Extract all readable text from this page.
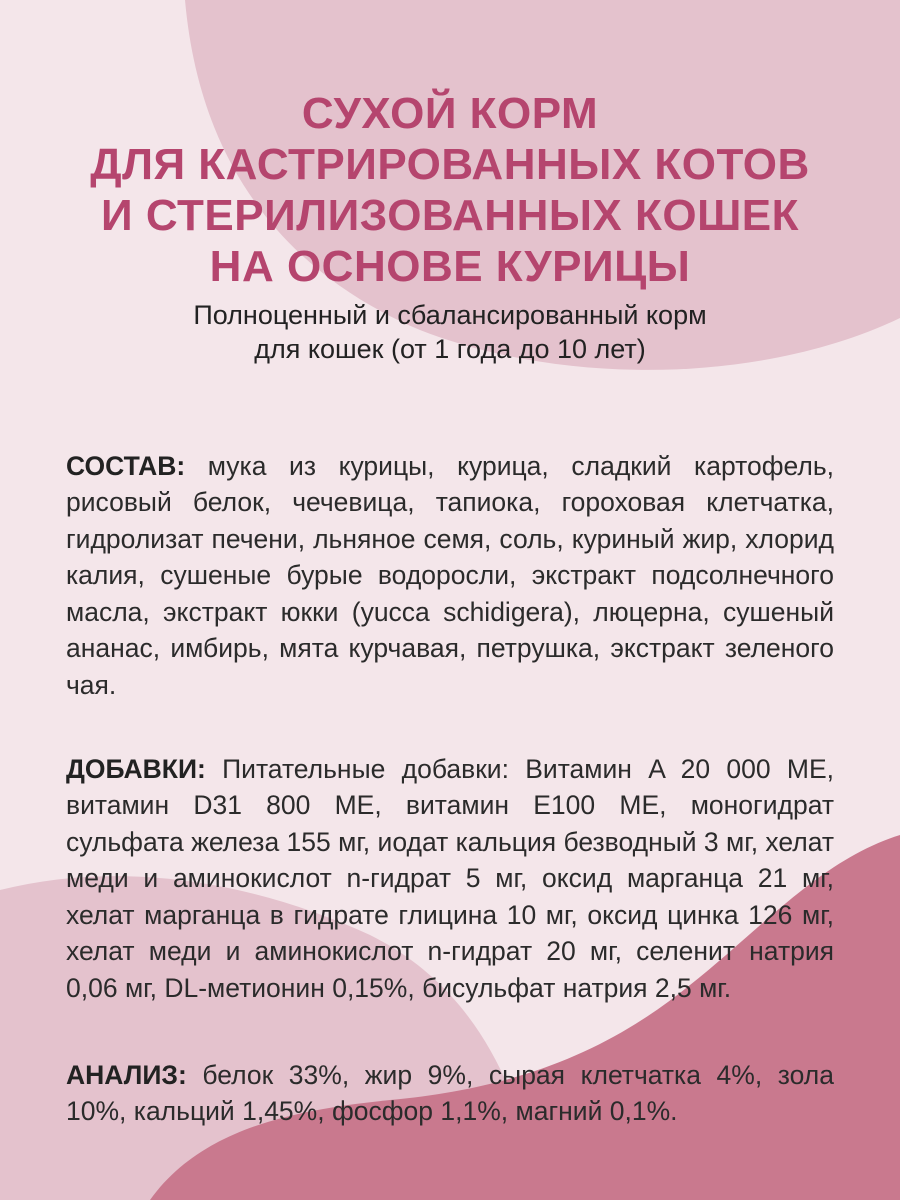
СУХОЙ КОРМ
ДЛЯ КАСТРИРОВАННЫХ КОТОВ
И СТЕРИЛИЗОВАННЫХ КОШЕК
НА ОСНОВЕ КУРИЦЫ
Полноценный и сбалансированный корм
для кошек (от 1 года до 10 лет)

СОСТАВ: мука из курицы, курица, сладкий картофель, рисовый белок, чечевица, тапиока, гороховая клетчатка, гидролизат печени, льняное семя, соль, куриный жир, хлорид калия, сушеные бурые водоросли, экстракт подсолнечного масла, экстракт юкки (yucca schidigera), люцерна, сушеный ананас, имбирь, мята курчавая, петрушка, экстракт зеленого чая.

ДОБАВКИ: Питательные добавки: Витамин A 20 000 МЕ, витамин D31 800 МЕ, витамин E100 МЕ, моногидрат сульфата железа 155 мг, иодат кальция безводный 3 мг, хелат меди и аминокислот n-гидрат 5 мг, оксид марганца 21 мг, хелат марганца в гидрате глицина 10 мг, оксид цинка 126 мг, хелат меди и аминокислот n-гидрат 20 мг, селенит натрия 0,06 мг, DL-метионин 0,15%, бисульфат натрия 2,5 мг.

АНАЛИЗ: белок 33%, жир 9%, сырая клетчатка 4%, зола 10%, кальций 1,45%, фосфор 1,1%, магний 0,1%.
